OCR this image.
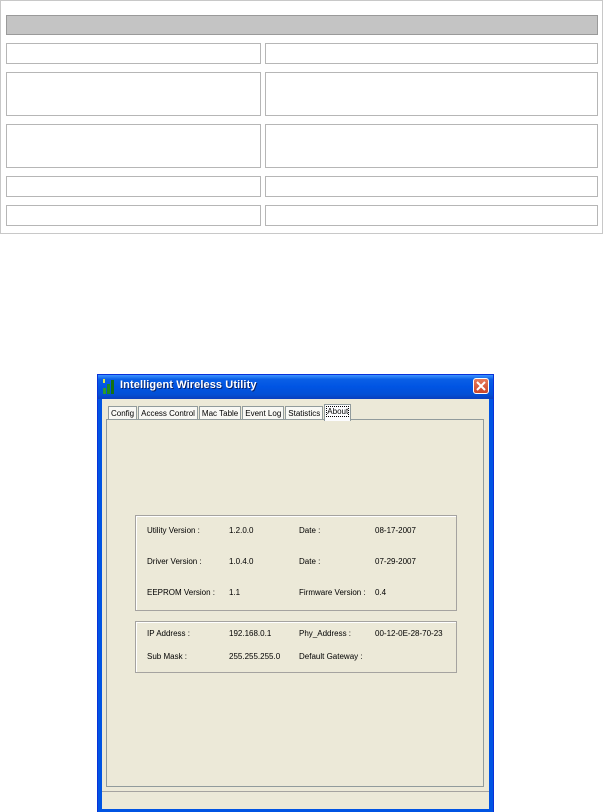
Intelligent Wireless Utility
Config Access Control Mac Table Event Log Statistics About
Utility Version :	1.2.0.0	Date :	08-17-2007
Driver Version :	1.0.4.0	Date :	07-29-2007
EEPROM Version : 1.1	Firmware Version : 0.4
IP Address :	192.168.0.1	Phy_Address :	00-12-0E-28-70-23
Sub Mask :	255.255.255.0 Default Gateway :
